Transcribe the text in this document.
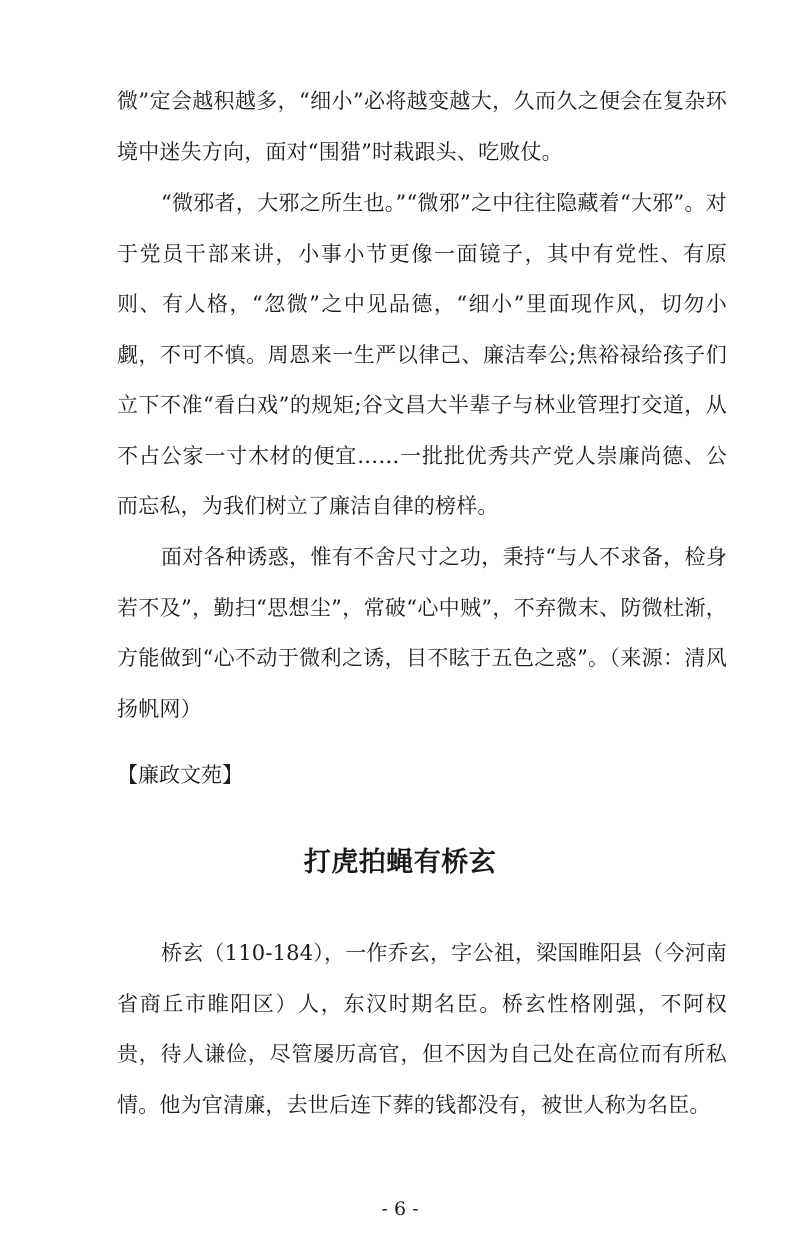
微”定会越积越多，“细小”必将越变越大，久而久之便会在复杂环境中迷失方向，面对“围猎”时栽跟头、吃败仗。

“微邪者，大邪之所生也。”“微邪”之中往往隐藏着“大邪”。对于党员干部来讲，小事小节更像一面镜子，其中有党性、有原则、有人格，“忽微”之中见品德，“细小”里面现作风，切勿小觑，不可不慎。周恩来一生严以律己、廉洁奉公;焦裕禄给孩子们立下不准“看白戏”的规矩;谷文昌大半辈子与林业管理打交道，从不占公家一寸木材的便宜……一批批优秀共产党人崇廉尚德、公而忘私，为我们树立了廉洁自律的榜样。

面对各种诱惑，惟有不舍尺寸之功，秉持“与人不求备，检身若不及”，勤扫“思想尘”，常破“心中贼”，不弃微末、防微杜渐，方能做到“心不动于微利之诱，目不眩于五色之惑”。（来源：清风扬帆网）

【廉政文苑】

打虎拍蝇有桥玄

桥玄（110-184），一作乔玄，字公祖，梁国睢阳县（今河南省商丘市睢阳区）人，东汉时期名臣。桥玄性格刚强，不阿权贵，待人谦俭，尽管屡历高官，但不因为自己处在高位而有所私情。他为官清廉，去世后连下葬的钱都没有，被世人称为名臣。

- 6 -
